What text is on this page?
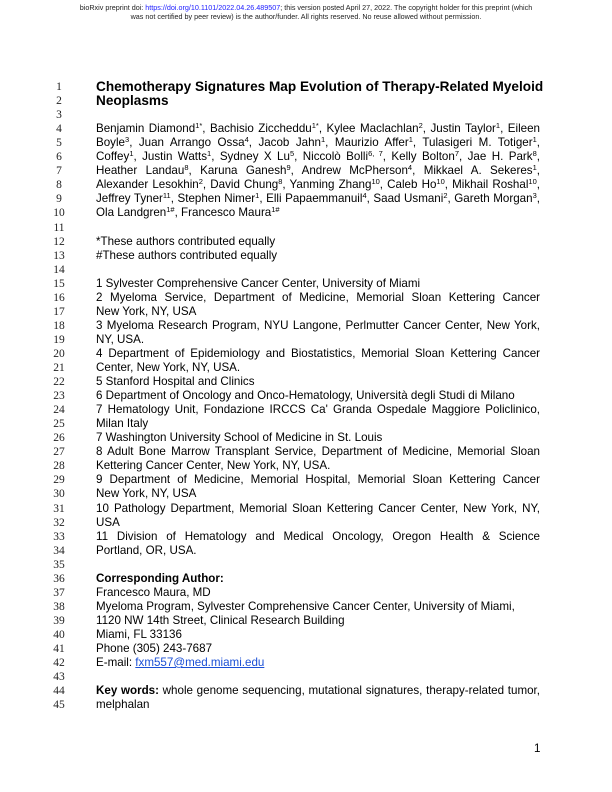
bioRxiv preprint doi: https://doi.org/10.1101/2022.04.26.489507; this version posted April 27, 2022. The copyright holder for this preprint (which
was not certified by peer review) is the author/funder. All rights reserved. No reuse allowed without permission.
1	Chemotherapy Signatures Map Evolution of Therapy-Related Myeloid
2	Neoplasms
3
4	Benjamin Diamond$^{1*}$, Bachisio Ziccheddu$^{1*}$, Kylee Maclachlan$^2$, Justin Taylor$^1$, Eileen
5	Boyle$^3$, Juan Arrango Ossa$^4$, Jacob Jahn$^1$, Maurizio Affer$^1$, Tulasigeri M. Totiger$^1$,
6	Coffey$^1$, Justin Watts$^1$, Sydney X Lu$^5$, Niccolò Bolli$^{6, 7}$, Kelly Bolton$^7$, Jae H. Park$^8$,
7	Heather Landau$^8$, Karuna Ganesh$^9$, Andrew McPherson$^4$, Mikkael A. Sekeres$^1$,
8	Alexander Lesokhin$^2$, David Chung$^8$, Yanming Zhang$^{10}$, Caleb Ho$^{10}$, Mikhail Roshal$^{10}$,
9	Jeffrey Tyner$^{11}$, Stephen Nimer$^1$, Elli Papaemmanuil$^4$, Saad Usmani$^2$, Gareth Morgan$^3$,
10	Ola Landgren$^{1\#}$, Francesco Maura$^{1\#}$
11
12	*These authors contributed equally
13	#These authors contributed equally
14
15	1 Sylvester Comprehensive Cancer Center, University of Miami
16	2 Myeloma Service, Department of Medicine, Memorial Sloan Kettering Cancer
17	New York, NY, USA
18	3 Myeloma Research Program, NYU Langone, Perlmutter Cancer Center, New York,
19	NY, USA.
20	4 Department of Epidemiology and Biostatistics, Memorial Sloan Kettering Cancer
21	Center, New York, NY, USA.
22	5 Stanford Hospital and Clinics
23	6 Department of Oncology and Onco-Hematology, Università degli Studi di Milano
24	7 Hematology Unit, Fondazione IRCCS Ca' Granda Ospedale Maggiore Policlinico,
25	Milan Italy
26	7 Washington University School of Medicine in St. Louis
27	8 Adult Bone Marrow Transplant Service, Department of Medicine, Memorial Sloan
28	Kettering Cancer Center, New York, NY, USA.
29	9 Department of Medicine, Memorial Hospital, Memorial Sloan Kettering Cancer
30	New York, NY, USA
31	10 Pathology Department, Memorial Sloan Kettering Cancer Center, New York, NY,
32	USA
33	11 Division of Hematology and Medical Oncology, Oregon Health & Science
34	Portland, OR, USA.
35
36	Corresponding Author:
37	Francesco Maura, MD
38	Myeloma Program, Sylvester Comprehensive Cancer Center, University of Miami,
39	1120 NW 14th Street, Clinical Research Building
40	Miami, FL 33136
41	Phone (305) 243-7687
42	E-mail: fxm557@med.miami.edu
43
44	Key words: whole genome sequencing, mutational signatures, therapy-related tumor,
45	melphalan
1
